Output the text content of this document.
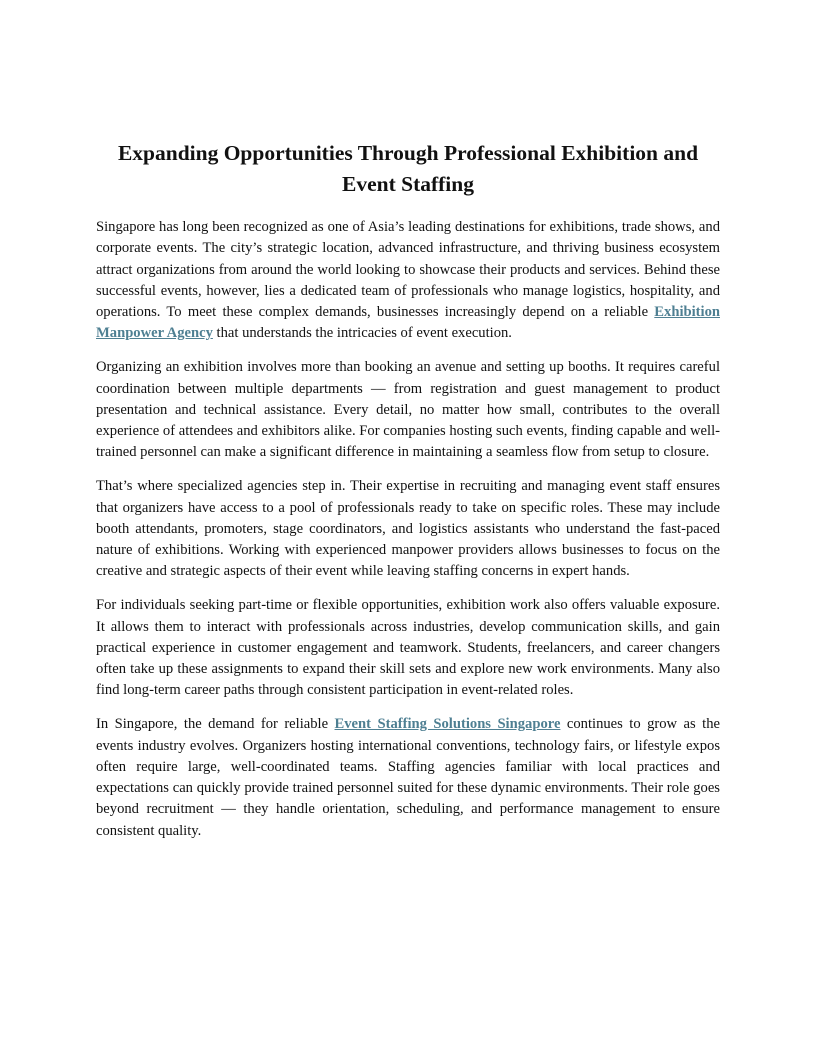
Expanding Opportunities Through Professional Exhibition and Event Staffing

Singapore has long been recognized as one of Asia’s leading destinations for exhibitions, trade shows, and corporate events. The city’s strategic location, advanced infrastructure, and thriving business ecosystem attract organizations from around the world looking to showcase their products and services. Behind these successful events, however, lies a dedicated team of professionals who manage logistics, hospitality, and operations. To meet these complex demands, businesses increasingly depend on a reliable Exhibition Manpower Agency that understands the intricacies of event execution.

Organizing an exhibition involves more than booking an avenue and setting up booths. It requires careful coordination between multiple departments — from registration and guest management to product presentation and technical assistance. Every detail, no matter how small, contributes to the overall experience of attendees and exhibitors alike. For companies hosting such events, finding capable and well-trained personnel can make a significant difference in maintaining a seamless flow from setup to closure.

That’s where specialized agencies step in. Their expertise in recruiting and managing event staff ensures that organizers have access to a pool of professionals ready to take on specific roles. These may include booth attendants, promoters, stage coordinators, and logistics assistants who understand the fast-paced nature of exhibitions. Working with experienced manpower providers allows businesses to focus on the creative and strategic aspects of their event while leaving staffing concerns in expert hands.

For individuals seeking part-time or flexible opportunities, exhibition work also offers valuable exposure. It allows them to interact with professionals across industries, develop communication skills, and gain practical experience in customer engagement and teamwork. Students, freelancers, and career changers often take up these assignments to expand their skill sets and explore new work environments. Many also find long-term career paths through consistent participation in event-related roles.

In Singapore, the demand for reliable Event Staffing Solutions Singapore continues to grow as the events industry evolves. Organizers hosting international conventions, technology fairs, or lifestyle expos often require large, well-coordinated teams. Staffing agencies familiar with local practices and expectations can quickly provide trained personnel suited for these dynamic environments. Their role goes beyond recruitment — they handle orientation, scheduling, and performance management to ensure consistent quality.
